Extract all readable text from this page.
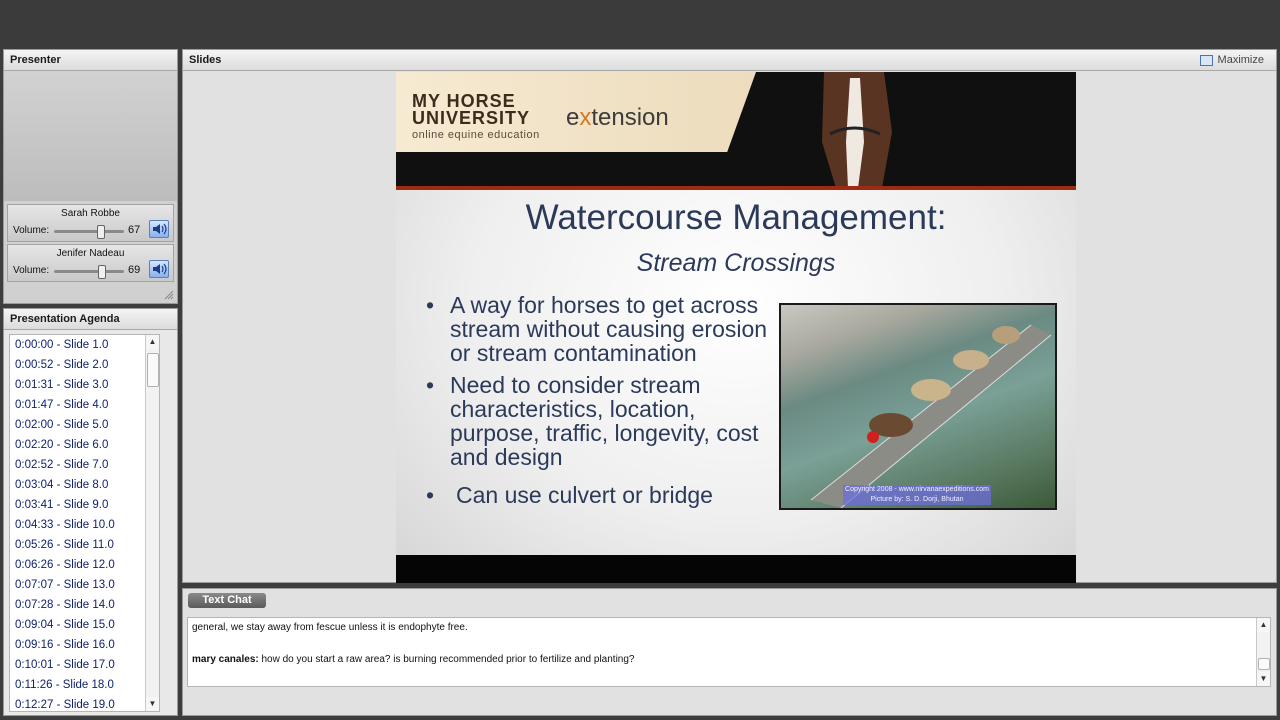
Presenter
Sarah Robbe
Volume:	67
Jenifer Nadeau
Volume:	69
Presentation Agenda
0:00:00 - Slide 1.0
0:00:52 - Slide 2.0
0:01:31 - Slide 3.0
0:01:47 - Slide 4.0
0:02:00 - Slide 5.0
0:02:20 - Slide 6.0
0:02:52 - Slide 7.0
0:03:04 - Slide 8.0
0:03:41 - Slide 9.0
0:04:33 - Slide 10.0
0:05:26 - Slide 11.0
0:06:26 - Slide 12.0
0:07:07 - Slide 13.0
0:07:28 - Slide 14.0
0:09:04 - Slide 15.0
0:09:16 - Slide 16.0
0:10:01 - Slide 17.0
0:11:26 - Slide 18.0
0:12:27 - Slide 19.0
▲
▼
Slides	Maximize
MY HORSE
UNIVERSITY
online equine education
extension
Watercourse Management:
Stream Crossings
• A way for horses to get across stream without causing erosion or stream contamination
• Need to consider stream characteristics, location, purpose, traffic, longevity, cost and design
• Can use culvert or bridge	Copyright 2008 - www.nirvanaexpeditions.com
Picture by: S. D. Dorji, Bhutan
Text Chat
general, we stay away from fescue unless it is endophyte free.
mary canales: how do you start a raw area? is burning recommended prior to fertilize and planting?
▲
▼
